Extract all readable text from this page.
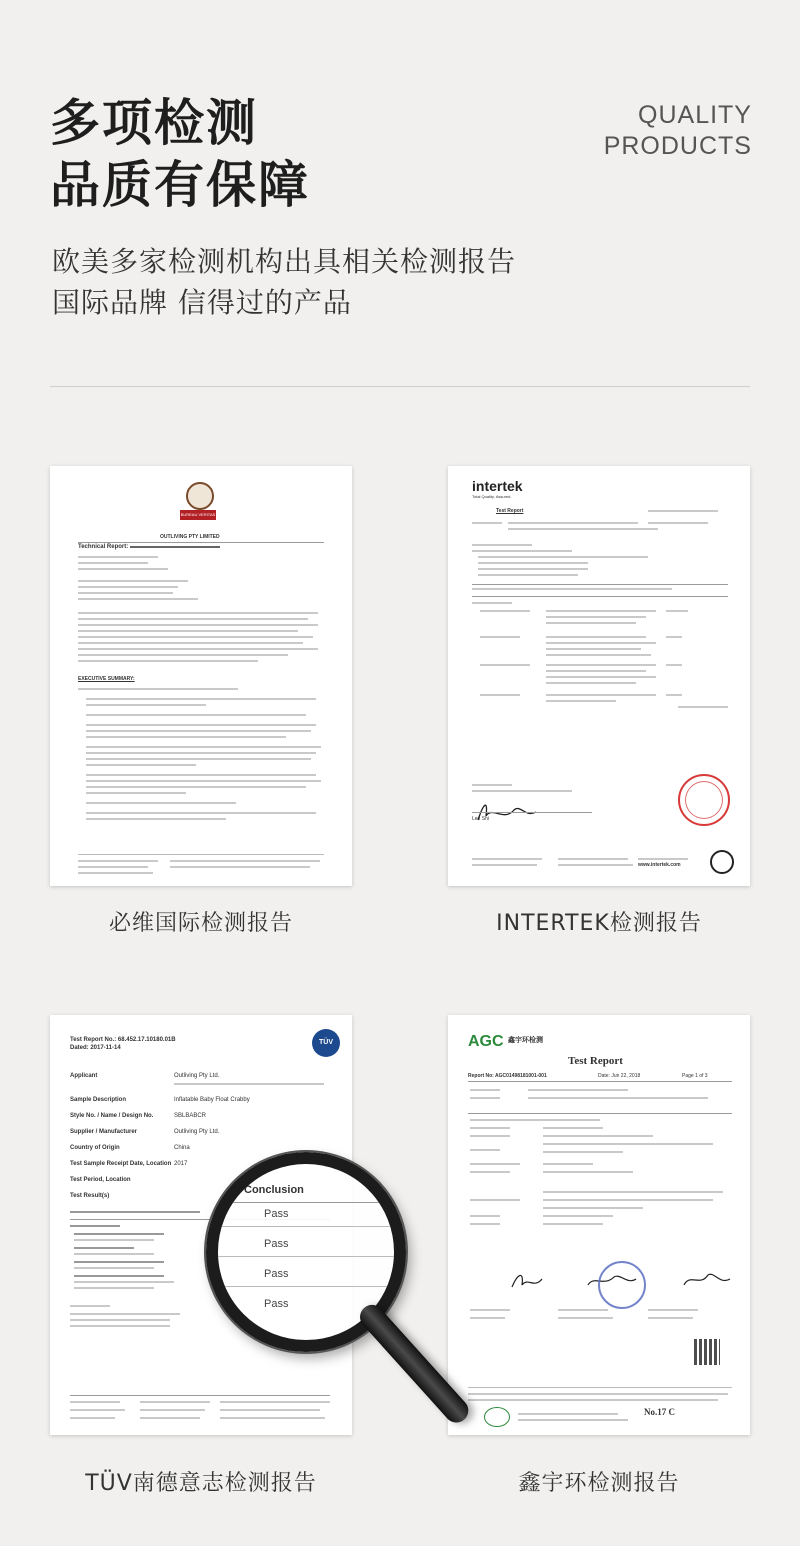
多项检测
品质有保障
QUALITY
PRODUCTS
欧美多家检测机构出具相关检测报告
国际品牌 信得过的产品
BUREAU VERITAS
OUTLIVING PTY LIMITED
Technical Report:
EXECUTIVE SUMMARY:
必维国际检测报告
intertek
Total Quality. Assured.
Test Report
Leo Shi
www.intertek.com
INTERTEK检测报告
Test Report No.: 68.452.17.10180.01B
Dated: 2017-11-14
TÜV
Applicant	Outliving Pty Ltd.
Sample Description	Inflatable Baby Float Crabby
Style No. / Name / Design No.	SBLBABCR
Supplier / Manufacturer	Outliving Pty Ltd.
Country of Origin	China
Test Sample Receipt Date, Location 2017
Test Period, Location
Test Result(s)
TÜV南德意志检测报告
AGC 鑫宇环检测
Test Report
Report No: AGC01498181001-001	Date: Jun 22, 2018	Page 1 of 3
No.17 C
鑫宇环检测报告
Conclusion
Pass
Pass
Pass
Pass
